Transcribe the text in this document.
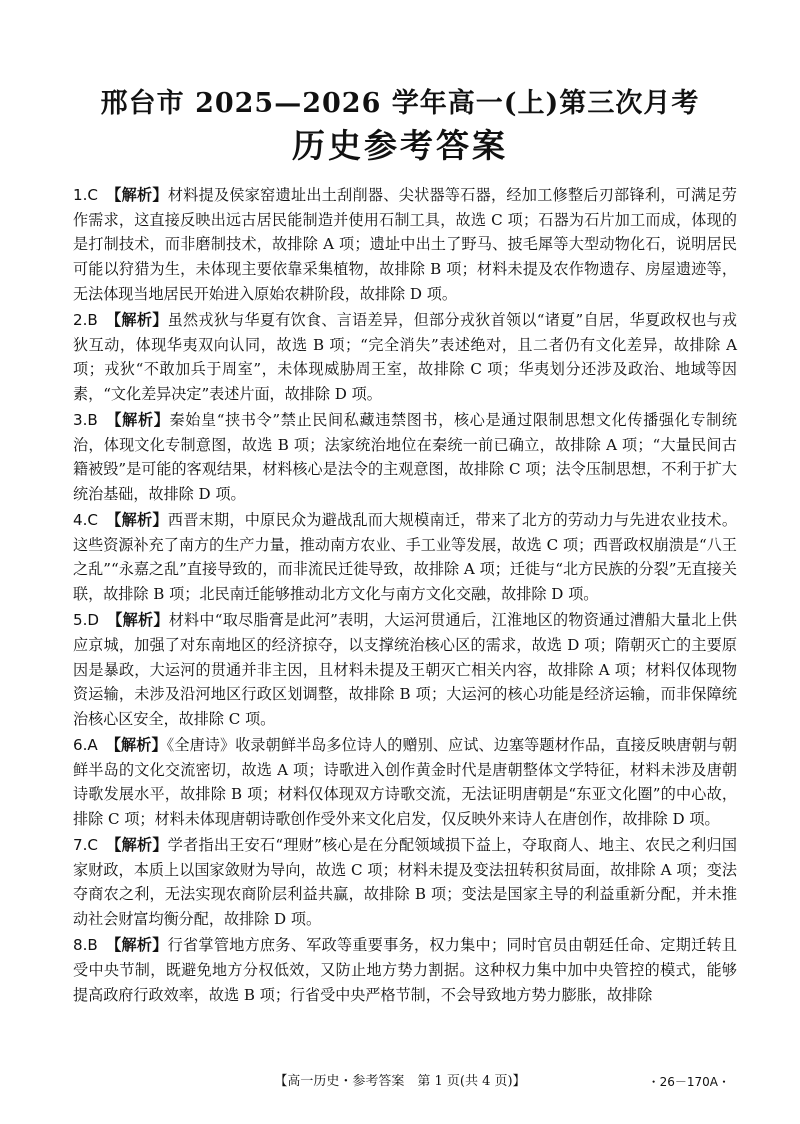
邢台市 2025—2026 学年高一(上)第三次月考
历史参考答案

1.C 【解析】材料提及侯家窑遗址出土刮削器、尖状器等石器，经加工修整后刃部锋利，可满足劳作需求，这直接反映出远古居民能制造并使用石制工具，故选 C 项；石器为石片加工而成，体现的是打制技术，而非磨制技术，故排除 A 项；遗址中出土了野马、披毛犀等大型动物化石，说明居民可能以狩猎为生，未体现主要依靠采集植物，故排除 B 项；材料未提及农作物遗存、房屋遗迹等，无法体现当地居民开始进入原始农耕阶段，故排除 D 项。

2.B 【解析】虽然戎狄与华夏有饮食、言语差异，但部分戎狄首领以“诸夏”自居，华夏政权也与戎狄互动，体现华夷双向认同，故选 B 项；“完全消失”表述绝对，且二者仍有文化差异，故排除 A 项；戎狄“不敢加兵于周室”，未体现威胁周王室，故排除 C 项；华夷划分还涉及政治、地域等因素，“文化差异决定”表述片面，故排除 D 项。

3.B 【解析】秦始皇“挟书令”禁止民间私藏违禁图书，核心是通过限制思想文化传播强化专制统治，体现文化专制意图，故选 B 项；法家统治地位在秦统一前已确立，故排除 A 项；“大量民间古籍被毁”是可能的客观结果，材料核心是法令的主观意图，故排除 C 项；法令压制思想，不利于扩大统治基础，故排除 D 项。

4.C 【解析】西晋末期，中原民众为避战乱而大规模南迁，带来了北方的劳动力与先进农业技术。这些资源补充了南方的生产力量，推动南方农业、手工业等发展，故选 C 项；西晋政权崩溃是“八王之乱”“永嘉之乱”直接导致的，而非流民迁徙导致，故排除 A 项；迁徙与“北方民族的分裂”无直接关联，故排除 B 项；北民南迁能够推动北方文化与南方文化交融，故排除 D 项。

5.D 【解析】材料中“取尽脂膏是此河”表明，大运河贯通后，江淮地区的物资通过漕船大量北上供应京城，加强了对东南地区的经济掠夺，以支撑统治核心区的需求，故选 D 项；隋朝灭亡的主要原因是暴政，大运河的贯通并非主因，且材料未提及王朝灭亡相关内容，故排除 A 项；材料仅体现物资运输，未涉及沿河地区行政区划调整，故排除 B 项；大运河的核心功能是经济运输，而非保障统治核心区安全，故排除 C 项。

6.A 【解析】《全唐诗》收录朝鲜半岛多位诗人的赠别、应试、边塞等题材作品，直接反映唐朝与朝鲜半岛的文化交流密切，故选 A 项；诗歌进入创作黄金时代是唐朝整体文学特征，材料未涉及唐朝诗歌发展水平，故排除 B 项；材料仅体现双方诗歌交流，无法证明唐朝是“东亚文化圈”的中心故，排除 C 项；材料未体现唐朝诗歌创作受外来文化启发，仅反映外来诗人在唐创作，故排除 D 项。

7.C 【解析】学者指出王安石“理财”核心是在分配领域损下益上，夺取商人、地主、农民之利归国家财政，本质上以国家敛财为导向，故选 C 项；材料未提及变法扭转积贫局面，故排除 A 项；变法夺商农之利，无法实现农商阶层利益共赢，故排除 B 项；变法是国家主导的利益重新分配，并未推动社会财富均衡分配，故排除 D 项。

8.B 【解析】行省掌管地方庶务、军政等重要事务，权力集中；同时官员由朝廷任命、定期迁转且受中央节制，既避免地方分权低效，又防止地方势力割据。这种权力集中加中央管控的模式，能够提高政府行政效率，故选 B 项；行省受中央严格节制，不会导致地方势力膨胀，故排除

【高一历史・参考答案　第 1 页(共 4 页)】	・26－170A・
